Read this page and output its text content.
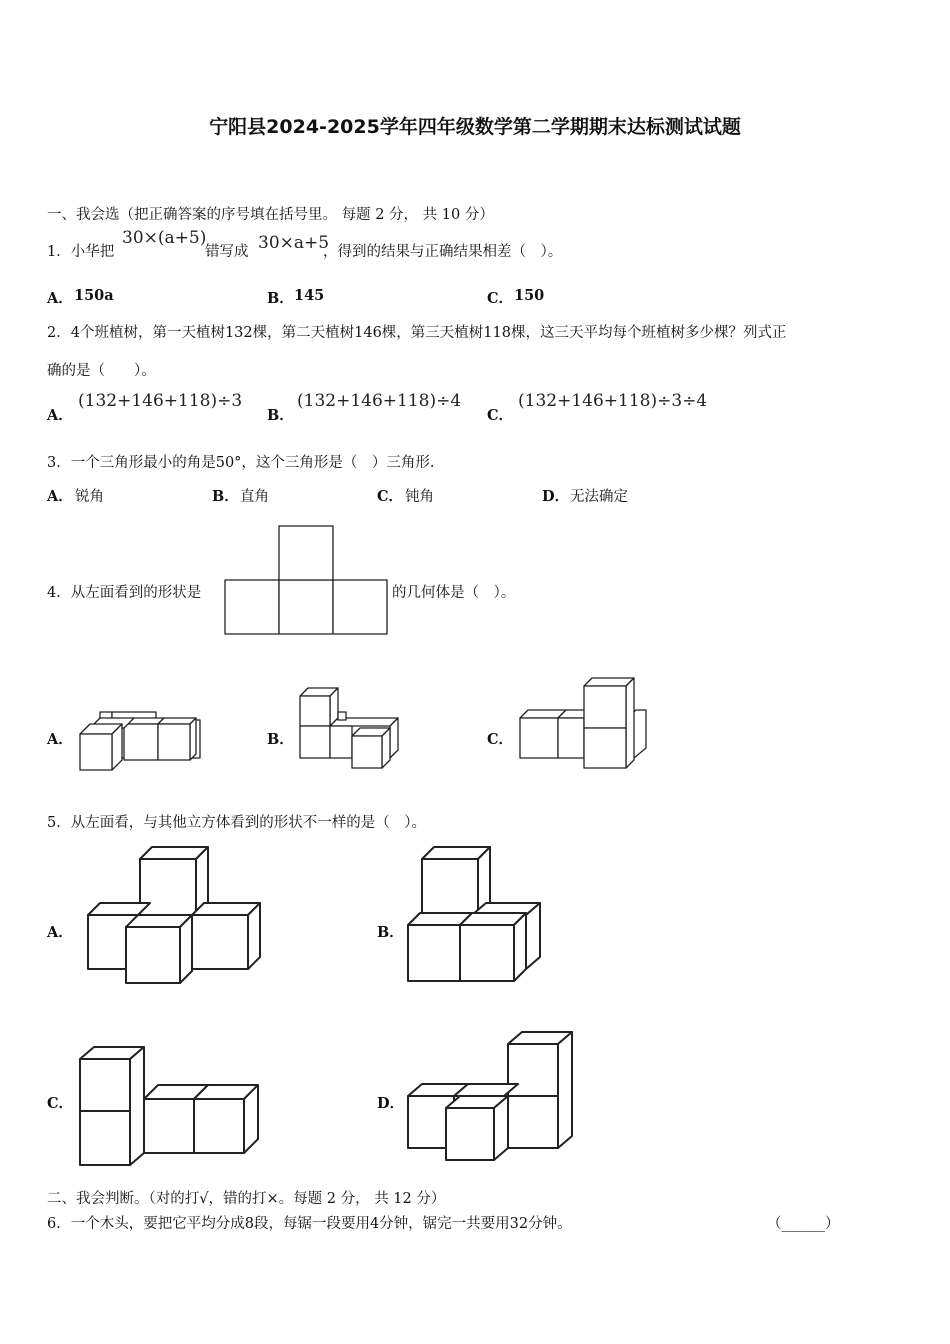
宁阳县2024-2025学年四年级数学第二学期期末达标测试试题
一、我会选（把正确答案的序号填在括号里。 每题 2 分， 共 10 分）
1．小华把
30×(a+5)
错写成 30×a+5
，得到的结果与正确结果相差（　）。
A． 150a	B． 145	C． 150
2．4个班植树，第一天植树132棵，第二天植树146棵，第三天植树118棵，这三天平均每个班植树多少棵？列式正
确的是（　　）。
A．
(132+146+118)÷3
B．
(132+146+118)÷4
C．
(132+146+118)÷3÷4
3．一个三角形最小的角是50°，这个三角形是（　）三角形.
A． 锐角	B． 直角	C． 钝角	D． 无法确定
4．从左面看到的形状是	的几何体是（　）。
A．	B．	C．
5．从左面看，与其他立方体看到的形状不一样的是（　）。
A．	B．
C．	D．
二、我会判断。（对的打√，错的打×。每题 2 分， 共 12 分）
6．一个木头，要把它平均分成8段，每锯一段要用4分钟，锯完一共要用32分钟。	（______）
